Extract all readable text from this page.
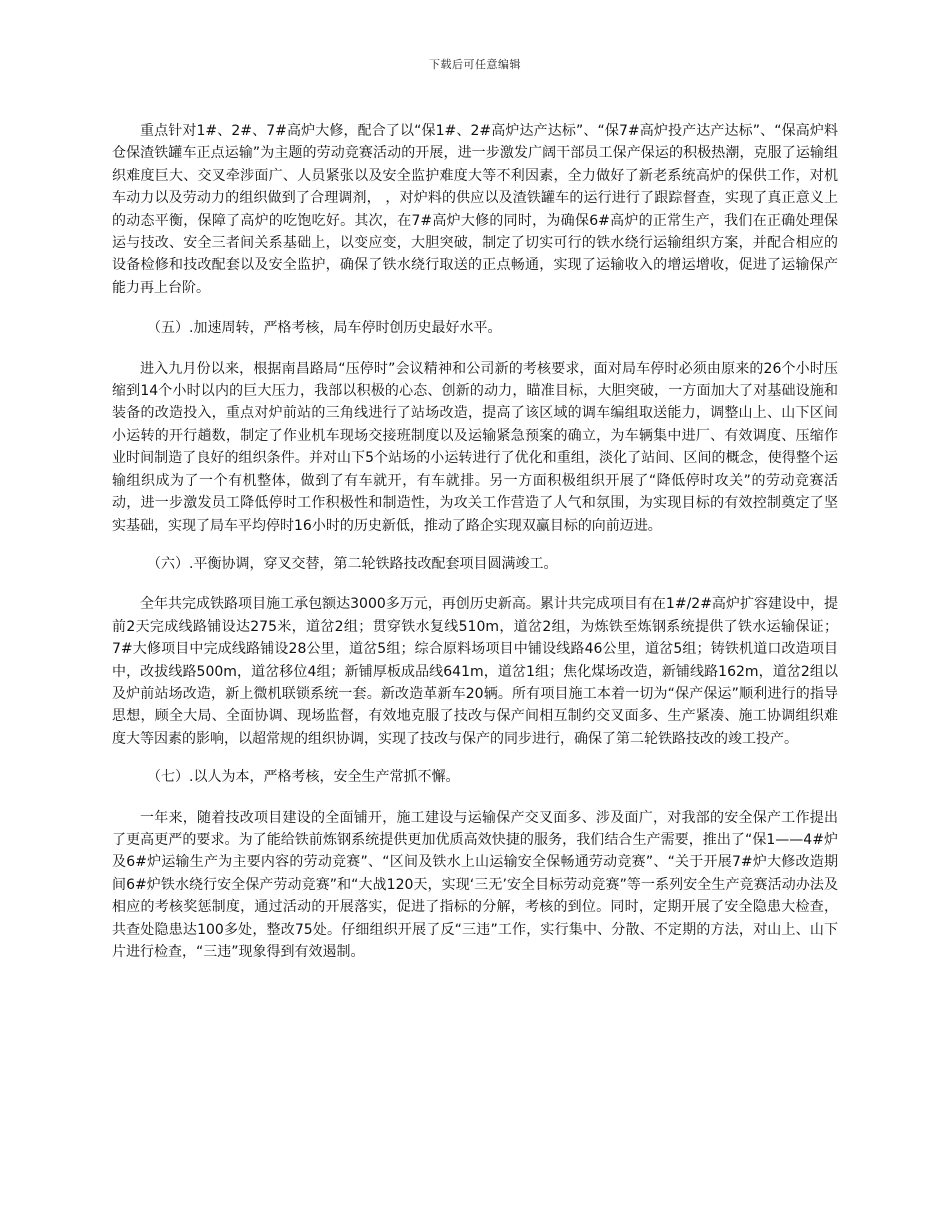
下载后可任意编辑

重点针对1#、2#、7#高炉大修，配合了以“保1#、2#高炉达产达标”、“保7#高炉投产达产达标”、“保高炉料仓保渣铁罐车正点运输”为主题的劳动竞赛活动的开展，进一步激发广阔干部员工保产保运的积极热潮，克服了运输组织难度巨大、交叉牵涉面广、人员紧张以及安全监护难度大等不利因素，全力做好了新老系统高炉的保供工作，对机车动力以及劳动力的组织做到了合理调剂， ，对炉料的供应以及渣铁罐车的运行进行了跟踪督查，实现了真正意义上的动态平衡，保障了高炉的吃饱吃好。其次，在7#高炉大修的同时，为确保6#高炉的正常生产，我们在正确处理保运与技改、安全三者间关系基础上，以变应变，大胆突破，制定了切实可行的铁水绕行运输组织方案，并配合相应的设备检修和技改配套以及安全监护，确保了铁水绕行取送的正点畅通，实现了运输收入的增运增收，促进了运输保产能力再上台阶。

（五）.加速周转，严格考核，局车停时创历史最好水平。

进入九月份以来，根据南昌路局“压停时”会议精神和公司新的考核要求，面对局车停时必须由原来的26个小时压缩到14个小时以内的巨大压力，我部以积极的心态、创新的动力，瞄准目标，大胆突破，一方面加大了对基础设施和装备的改造投入，重点对炉前站的三角线进行了站场改造，提高了该区域的调车编组取送能力，调整山上、山下区间小运转的开行趟数，制定了作业机车现场交接班制度以及运输紧急预案的确立，为车辆集中进厂、有效调度、压缩作业时间制造了良好的组织条件。并对山下5个站场的小运转进行了优化和重组，淡化了站间、区间的概念，使得整个运输组织成为了一个有机整体，做到了有车就开，有车就排。另一方面积极组织开展了“降低停时攻关”的劳动竞赛活动，进一步激发员工降低停时工作积极性和制造性，为攻关工作营造了人气和氛围，为实现目标的有效控制奠定了坚实基础，实现了局车平均停时16小时的历史新低，推动了路企实现双赢目标的向前迈进。

（六）.平衡协调，穿叉交替，第二轮铁路技改配套项目圆满竣工。

全年共完成铁路项目施工承包额达3000多万元，再创历史新高。累计共完成项目有在1#/2#高炉扩容建设中，提前2天完成线路铺设达275米，道岔2组；贯穿铁水复线510m，道岔2组，为炼铁至炼钢系统提供了铁水运输保证；7#大修项目中完成线路铺设28公里，道岔5组；综合原料场项目中铺设线路46公里，道岔5组；铸铁机道口改造项目中，改拔线路500m，道岔移位4组；新铺厚板成品线641m，道岔1组；焦化煤场改造，新铺线路162m，道岔2组以及炉前站场改造，新上微机联锁系统一套。新改造革新车20辆。所有项目施工本着一切为“保产保运”顺利进行的指导思想，顾全大局、全面协调、现场监督，有效地克服了技改与保产间相互制约交叉面多、生产紧凑、施工协调组织难度大等因素的影响，以超常规的组织协调，实现了技改与保产的同步进行，确保了第二轮铁路技改的竣工投产。

（七）.以人为本，严格考核，安全生产常抓不懈。

一年来，随着技改项目建设的全面铺开，施工建设与运输保产交叉面多、涉及面广，对我部的安全保产工作提出了更高更严的要求。为了能给铁前炼钢系统提供更加优质高效快捷的服务，我们结合生产需要，推出了“保1——4#炉及6#炉运输生产为主要内容的劳动竞赛”、“区间及铁水上山运输安全保畅通劳动竞赛”、“关于开展7#炉大修改造期间6#炉铁水绕行安全保产劳动竞赛”和“大战120天，实现‘三无’安全目标劳动竞赛”等一系列安全生产竞赛活动办法及相应的考核奖惩制度，通过活动的开展落实，促进了指标的分解，考核的到位。同时，定期开展了安全隐患大检查，共查处隐患达100多处，整改75处。仔细组织开展了反“三违”工作，实行集中、分散、不定期的方法，对山上、山下片进行检查，“三违”现象得到有效遏制。
